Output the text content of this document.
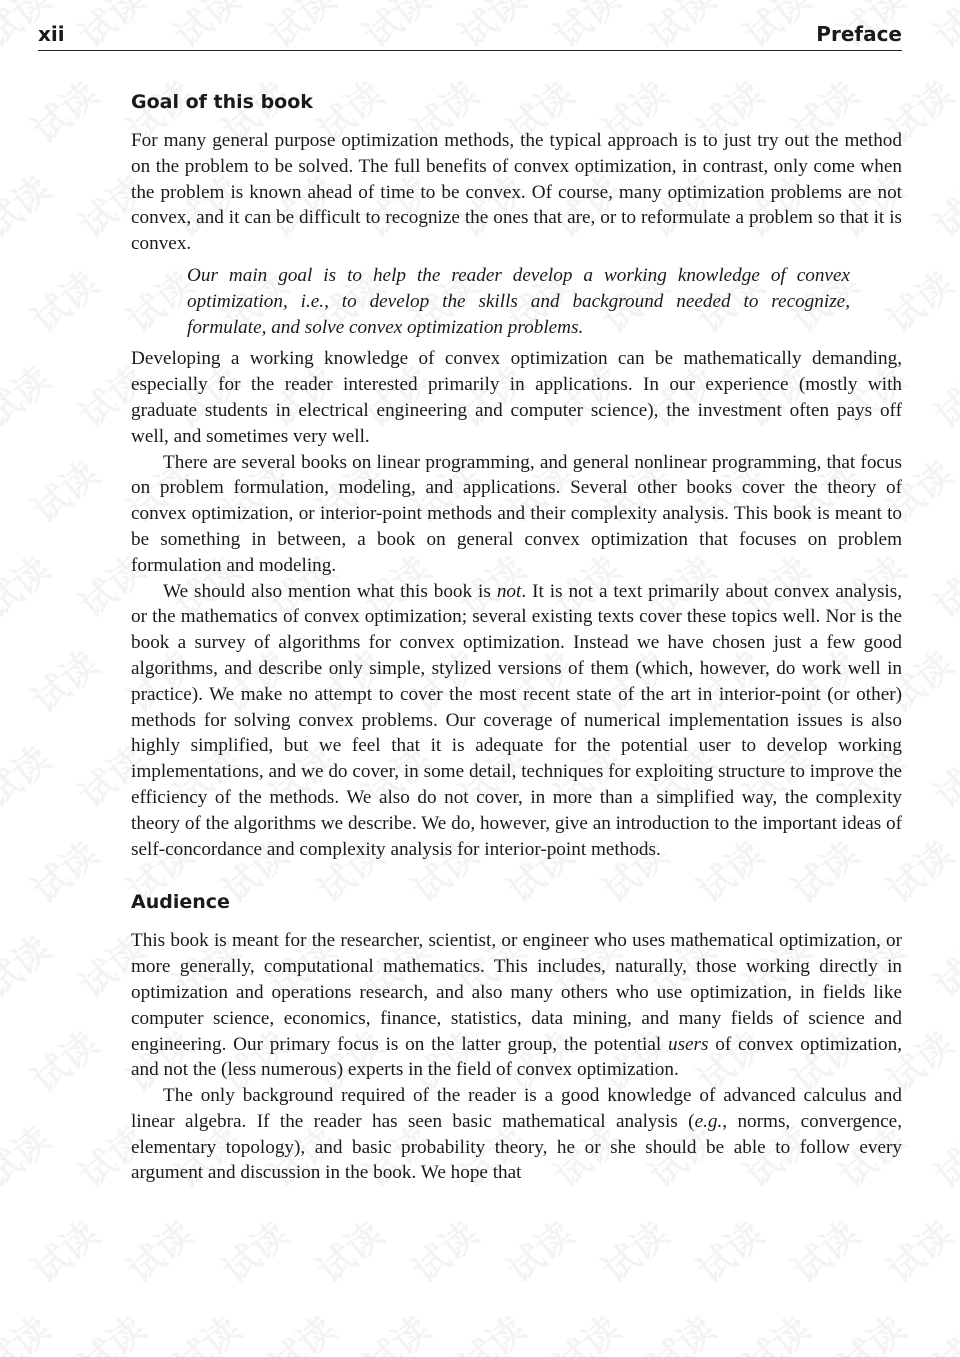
xii	Preface
Goal of this book

For many general purpose optimization methods, the typical approach is to just try out the method on the problem to be solved. The full benefits of convex optimization, in contrast, only come when the problem is known ahead of time to be convex. Of course, many optimization problems are not convex, and it can be difficult to recognize the ones that are, or to reformulate a problem so that it is convex.

Our main goal is to help the reader develop a working knowledge of convex optimization, i.e., to develop the skills and background needed to recognize, formulate, and solve convex optimization problems.

Developing a working knowledge of convex optimization can be mathematically demanding, especially for the reader interested primarily in applications. In our experience (mostly with graduate students in electrical engineering and computer science), the investment often pays off well, and sometimes very well.

There are several books on linear programming, and general nonlinear programming, that focus on problem formulation, modeling, and applications. Several other books cover the theory of convex optimization, or interior-point methods and their complexity analysis. This book is meant to be something in between, a book on general convex optimization that focuses on problem formulation and modeling.

We should also mention what this book is not. It is not a text primarily about convex analysis, or the mathematics of convex optimization; several existing texts cover these topics well. Nor is the book a survey of algorithms for convex optimization. Instead we have chosen just a few good algorithms, and describe only simple, stylized versions of them (which, however, do work well in practice). We make no attempt to cover the most recent state of the art in interior-point (or other) methods for solving convex problems. Our coverage of numerical implementation issues is also highly simplified, but we feel that it is adequate for the potential user to develop working implementations, and we do cover, in some detail, techniques for exploiting structure to improve the efficiency of the methods. We also do not cover, in more than a simplified way, the complexity theory of the algorithms we describe. We do, however, give an introduction to the important ideas of self-concordance and complexity analysis for interior-point methods.

Audience

This book is meant for the researcher, scientist, or engineer who uses mathematical optimization, or more generally, computational mathematics. This includes, naturally, those working directly in optimization and operations research, and also many others who use optimization, in fields like computer science, economics, finance, statistics, data mining, and many fields of science and engineering. Our primary focus is on the latter group, the potential users of convex optimization, and not the (less numerous) experts in the field of convex optimization.

The only background required of the reader is a good knowledge of advanced calculus and linear algebra. If the reader has seen basic mathematical analysis (e.g., norms, convergence, elementary topology), and basic probability theory, he or she should be able to follow every argument and discussion in the book. We hope that
